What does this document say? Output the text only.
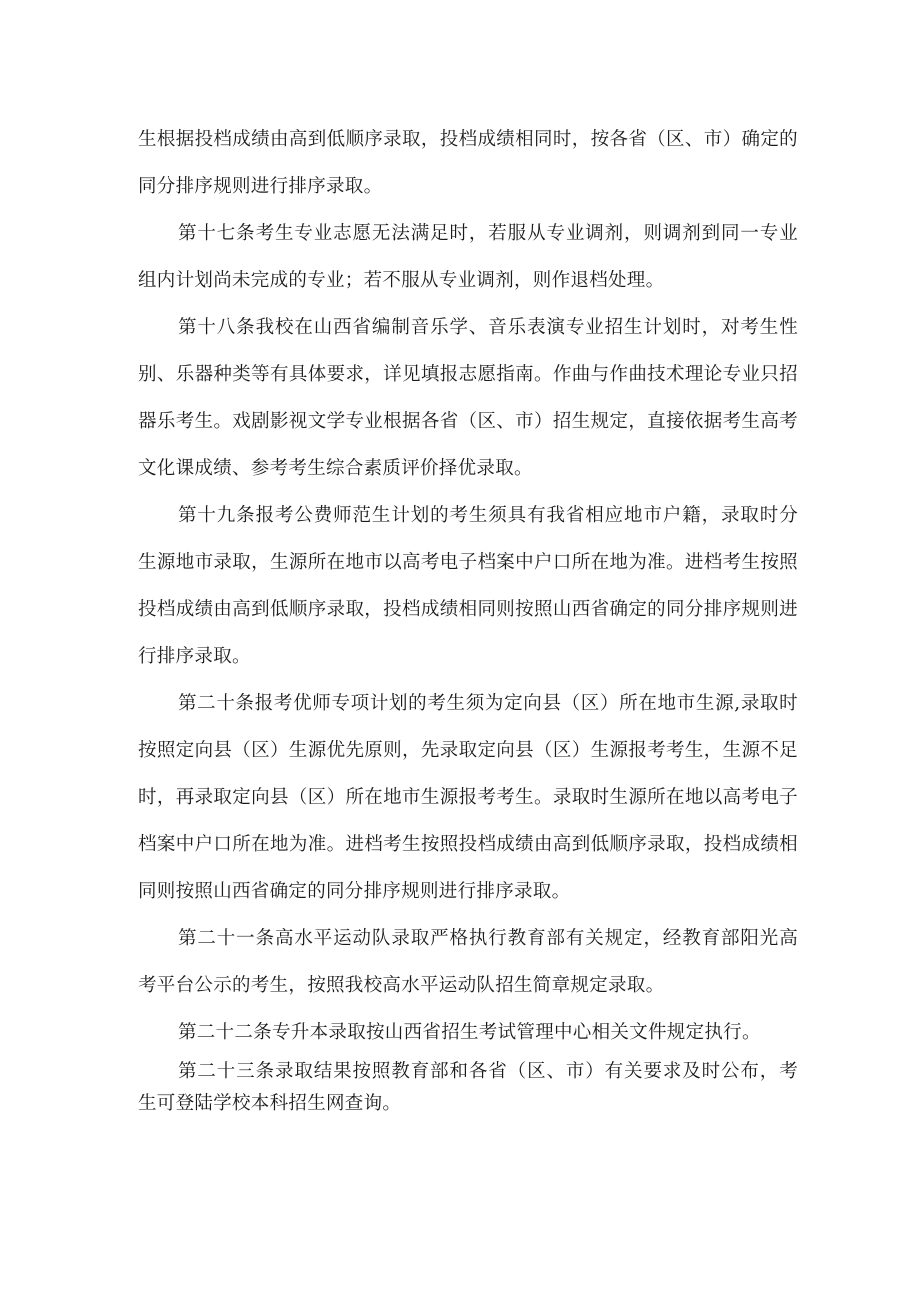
生根据投档成绩由高到低顺序录取，投档成绩相同时，按各省（区、市）确定的同分排序规则进行排序录取。

第十七条考生专业志愿无法满足时，若服从专业调剂，则调剂到同一专业组内计划尚未完成的专业；若不服从专业调剂，则作退档处理。

第十八条我校在山西省编制音乐学、音乐表演专业招生计划时，对考生性别、乐器种类等有具体要求，详见填报志愿指南。作曲与作曲技术理论专业只招器乐考生。戏剧影视文学专业根据各省（区、市）招生规定，直接依据考生高考文化课成绩、参考考生综合素质评价择优录取。

第十九条报考公费师范生计划的考生须具有我省相应地市户籍，录取时分生源地市录取，生源所在地市以高考电子档案中户口所在地为准。进档考生按照投档成绩由高到低顺序录取，投档成绩相同则按照山西省确定的同分排序规则进行排序录取。

第二十条报考优师专项计划的考生须为定向县（区）所在地市生源,录取时按照定向县（区）生源优先原则，先录取定向县（区）生源报考考生，生源不足时，再录取定向县（区）所在地市生源报考考生。录取时生源所在地以高考电子档案中户口所在地为准。进档考生按照投档成绩由高到低顺序录取，投档成绩相同则按照山西省确定的同分排序规则进行排序录取。

第二十一条高水平运动队录取严格执行教育部有关规定，经教育部阳光高考平台公示的考生，按照我校高水平运动队招生简章规定录取。

第二十二条专升本录取按山西省招生考试管理中心相关文件规定执行。

第二十三条录取结果按照教育部和各省（区、市）有关要求及时公布，考生可登陆学校本科招生网查询。
